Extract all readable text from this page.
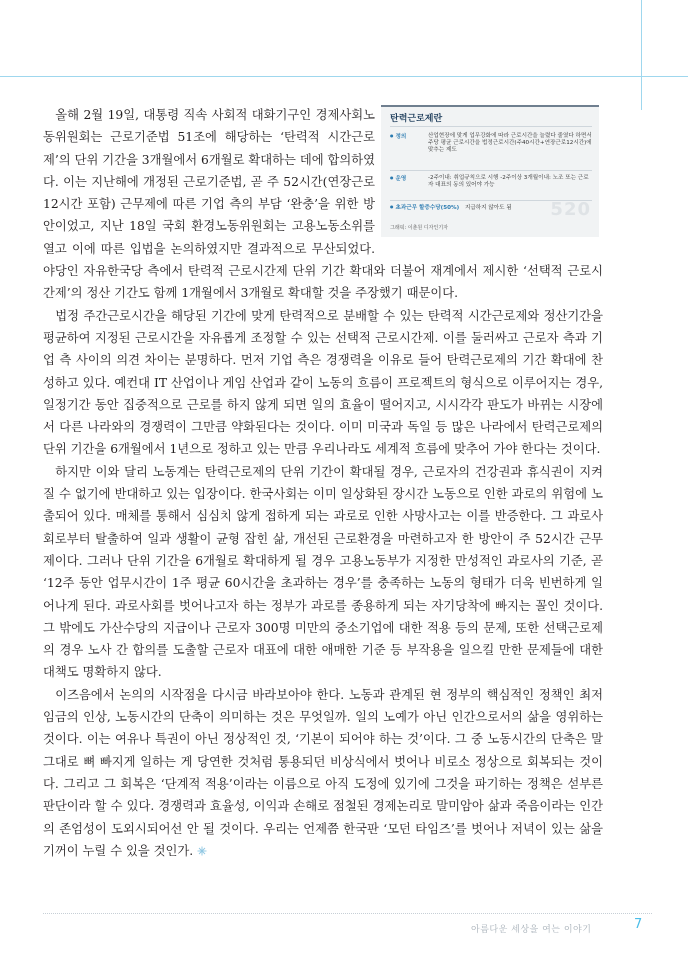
탄력근로제란
● 정의	산업현장에 맞게 업무강화에 따라 근로시간을 늘렸다 줄였다 하면서 주당 평균 근로시간을 법정근로시간(주40시간+연장근로12시간)에 맞추는 제도
● 운영	-2주이내: 취업규칙으로 시행 -2주이상 3개월이내: 노조 또는 근로자 대표의 동의 있어야 가능
● 초과근무 할증수당(50%) 지급하지 않아도 됨	520
그래픽: 이춘원 디자인기자

올해 2월 19일, 대통령 직속 사회적 대화기구인 경제사회노동위원회는 근로기준법 51조에 해당하는 ‘탄력적 시간근로제’의 단위 기간을 3개월에서 6개월로 확대하는 데에 합의하였다. 이는 지난해에 개정된 근로기준법, 곧 주 52시간(연장근로 12시간 포함) 근무제에 따른 기업 측의 부담 ‘완충’을 위한 방안이었고, 지난 18일 국회 환경노동위원회는 고용노동소위를 열고 이에 따른 입법을 논의하였지만 결과적으로 무산되었다. 야당인 자유한국당 측에서 탄력적 근로시간제 단위 기간 확대와 더불어 재계에서 제시한 ‘선택적 근로시간제’의 정산 기간도 함께 1개월에서 3개월로 확대할 것을 주장했기 때문이다.

법정 주간근로시간을 해당된 기간에 맞게 탄력적으로 분배할 수 있는 탄력적 시간근로제와 정산기간을 평균하여 지정된 근로시간을 자유롭게 조정할 수 있는 선택적 근로시간제. 이를 둘러싸고 근로자 측과 기업 측 사이의 의견 차이는 분명하다. 먼저 기업 측은 경쟁력을 이유로 들어 탄력근로제의 기간 확대에 찬성하고 있다. 예컨대 IT 산업이나 게임 산업과 같이 노동의 흐름이 프로젝트의 형식으로 이루어지는 경우, 일정기간 동안 집중적으로 근로를 하지 않게 되면 일의 효율이 떨어지고, 시시각각 판도가 바뀌는 시장에서 다른 나라와의 경쟁력이 그만큼 약화된다는 것이다. 이미 미국과 독일 등 많은 나라에서 탄력근로제의 단위 기간을 6개월에서 1년으로 정하고 있는 만큼 우리나라도 세계적 흐름에 맞추어 가야 한다는 것이다.

하지만 이와 달리 노동계는 탄력근로제의 단위 기간이 확대될 경우, 근로자의 건강권과 휴식권이 지켜질 수 없기에 반대하고 있는 입장이다. 한국사회는 이미 일상화된 장시간 노동으로 인한 과로의 위험에 노출되어 있다. 매체를 통해서 심심치 않게 접하게 되는 과로로 인한 사망사고는 이를 반증한다. 그 과로사회로부터 탈출하여 일과 생활이 균형 잡힌 삶, 개선된 근로환경을 마련하고자 한 방안이 주 52시간 근무제이다. 그러나 단위 기간을 6개월로 확대하게 될 경우 고용노동부가 지정한 만성적인 과로사의 기준, 곧 ‘12주 동안 업무시간이 1주 평균 60시간을 초과하는 경우’를 충족하는 노동의 형태가 더욱 빈번하게 일어나게 된다. 과로사회를 벗어나고자 하는 정부가 과로를 종용하게 되는 자기당착에 빠지는 꼴인 것이다. 그 밖에도 가산수당의 지급이나 근로자 300명 미만의 중소기업에 대한 적용 등의 문제, 또한 선택근로제의 경우 노사 간 합의를 도출할 근로자 대표에 대한 애매한 기준 등 부작용을 일으킬 만한 문제들에 대한 대책도 명확하지 않다.

이즈음에서 논의의 시작점을 다시금 바라보아야 한다. 노동과 관계된 현 정부의 핵심적인 정책인 최저임금의 인상, 노동시간의 단축이 의미하는 것은 무엇일까. 일의 노예가 아닌 인간으로서의 삶을 영위하는 것이다. 이는 여유나 특권이 아닌 정상적인 것, ‘기본이 되어야 하는 것’이다. 그 중 노동시간의 단축은 말 그대로 뼈 빠지게 일하는 게 당연한 것처럼 통용되던 비상식에서 벗어나 비로소 정상으로 회복되는 것이다. 그리고 그 회복은 ‘단계적 적용’이라는 이름으로 아직 도정에 있기에 그것을 파기하는 정책은 섣부른 판단이라 할 수 있다. 경쟁력과 효율성, 이익과 손해로 점철된 경제논리로 말미암아 삶과 죽음이라는 인간의 존엄성이 도외시되어선 안 될 것이다. 우리는 언제쯤 한국판 ‘모던 타임즈’를 벗어나 저녁이 있는 삶을 기꺼이 누릴 수 있을 것인가.

아름다운 세상을 여는 이야기	7
